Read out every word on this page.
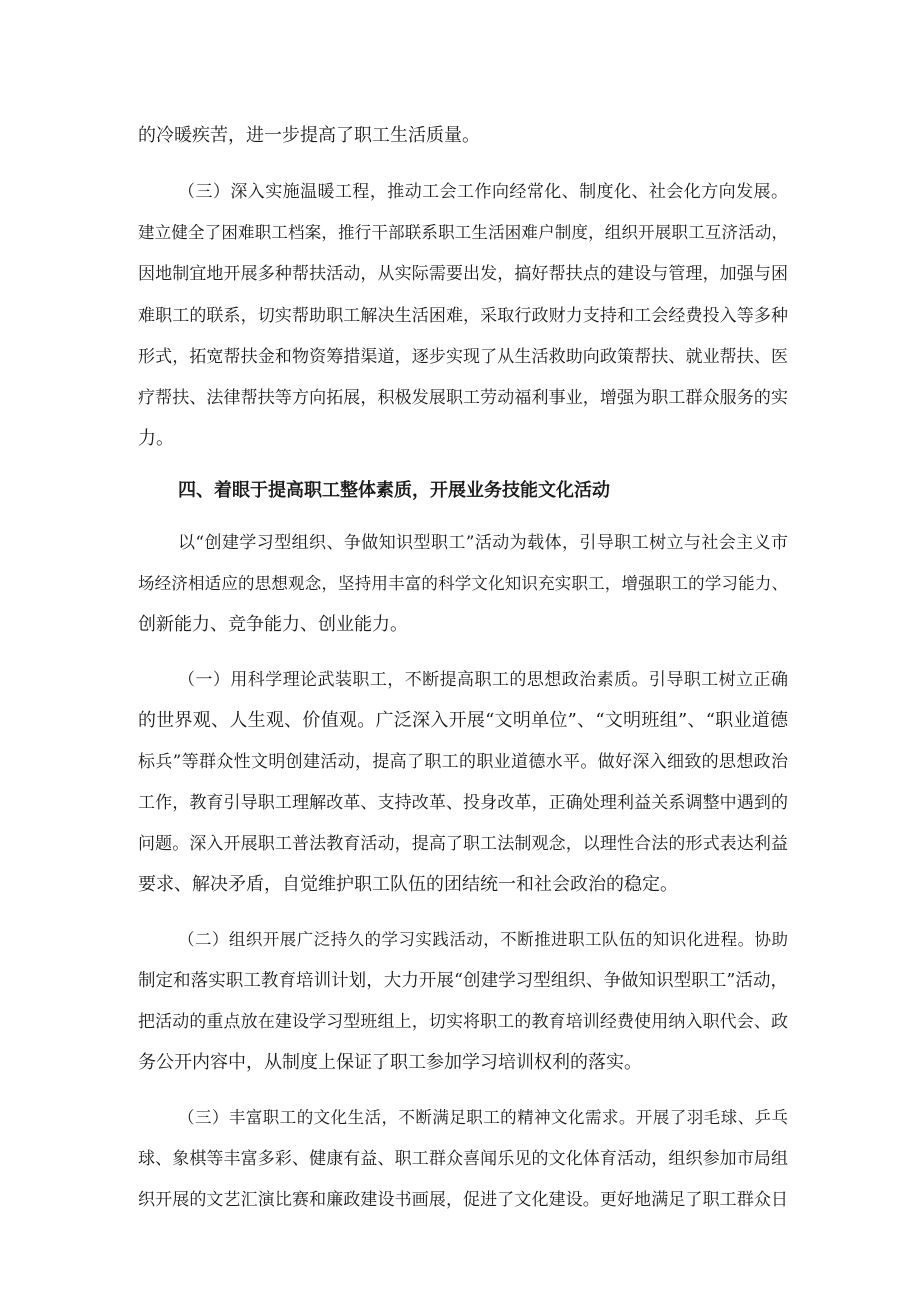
的冷暖疾苦，进一步提高了职工生活质量。
（三）深入实施温暖工程，推动工会工作向经常化、制度化、社会化方向发展。
建立健全了困难职工档案，推行干部联系职工生活困难户制度，组织开展职工互济活动，
因地制宜地开展多种帮扶活动，从实际需要出发，搞好帮扶点的建设与管理，加强与困
难职工的联系，切实帮助职工解决生活困难，采取行政财力支持和工会经费投入等多种
形式，拓宽帮扶金和物资筹措渠道，逐步实现了从生活救助向政策帮扶、就业帮扶、医
疗帮扶、法律帮扶等方向拓展，积极发展职工劳动福利事业，增强为职工群众服务的实
力。
四、着眼于提高职工整体素质，开展业务技能文化活动
以“创建学习型组织、争做知识型职工”活动为载体，引导职工树立与社会主义市
场经济相适应的思想观念，坚持用丰富的科学文化知识充实职工，增强职工的学习能力、
创新能力、竞争能力、创业能力。
（一）用科学理论武装职工，不断提高职工的思想政治素质。引导职工树立正确
的世界观、人生观、价值观。广泛深入开展“文明单位”、“文明班组”、“职业道德
标兵”等群众性文明创建活动，提高了职工的职业道德水平。做好深入细致的思想政治
工作，教育引导职工理解改革、支持改革、投身改革，正确处理利益关系调整中遇到的
问题。深入开展职工普法教育活动，提高了职工法制观念，以理性合法的形式表达利益
要求、解决矛盾，自觉维护职工队伍的团结统一和社会政治的稳定。
（二）组织开展广泛持久的学习实践活动，不断推进职工队伍的知识化进程。协助
制定和落实职工教育培训计划，大力开展“创建学习型组织、争做知识型职工”活动，
把活动的重点放在建设学习型班组上，切实将职工的教育培训经费使用纳入职代会、政
务公开内容中，从制度上保证了职工参加学习培训权利的落实。
（三）丰富职工的文化生活，不断满足职工的精神文化需求。开展了羽毛球、乒乓
球、象棋等丰富多彩、健康有益、职工群众喜闻乐见的文化体育活动，组织参加市局组
织开展的文艺汇演比赛和廉政建设书画展，促进了文化建设。更好地满足了职工群众日
